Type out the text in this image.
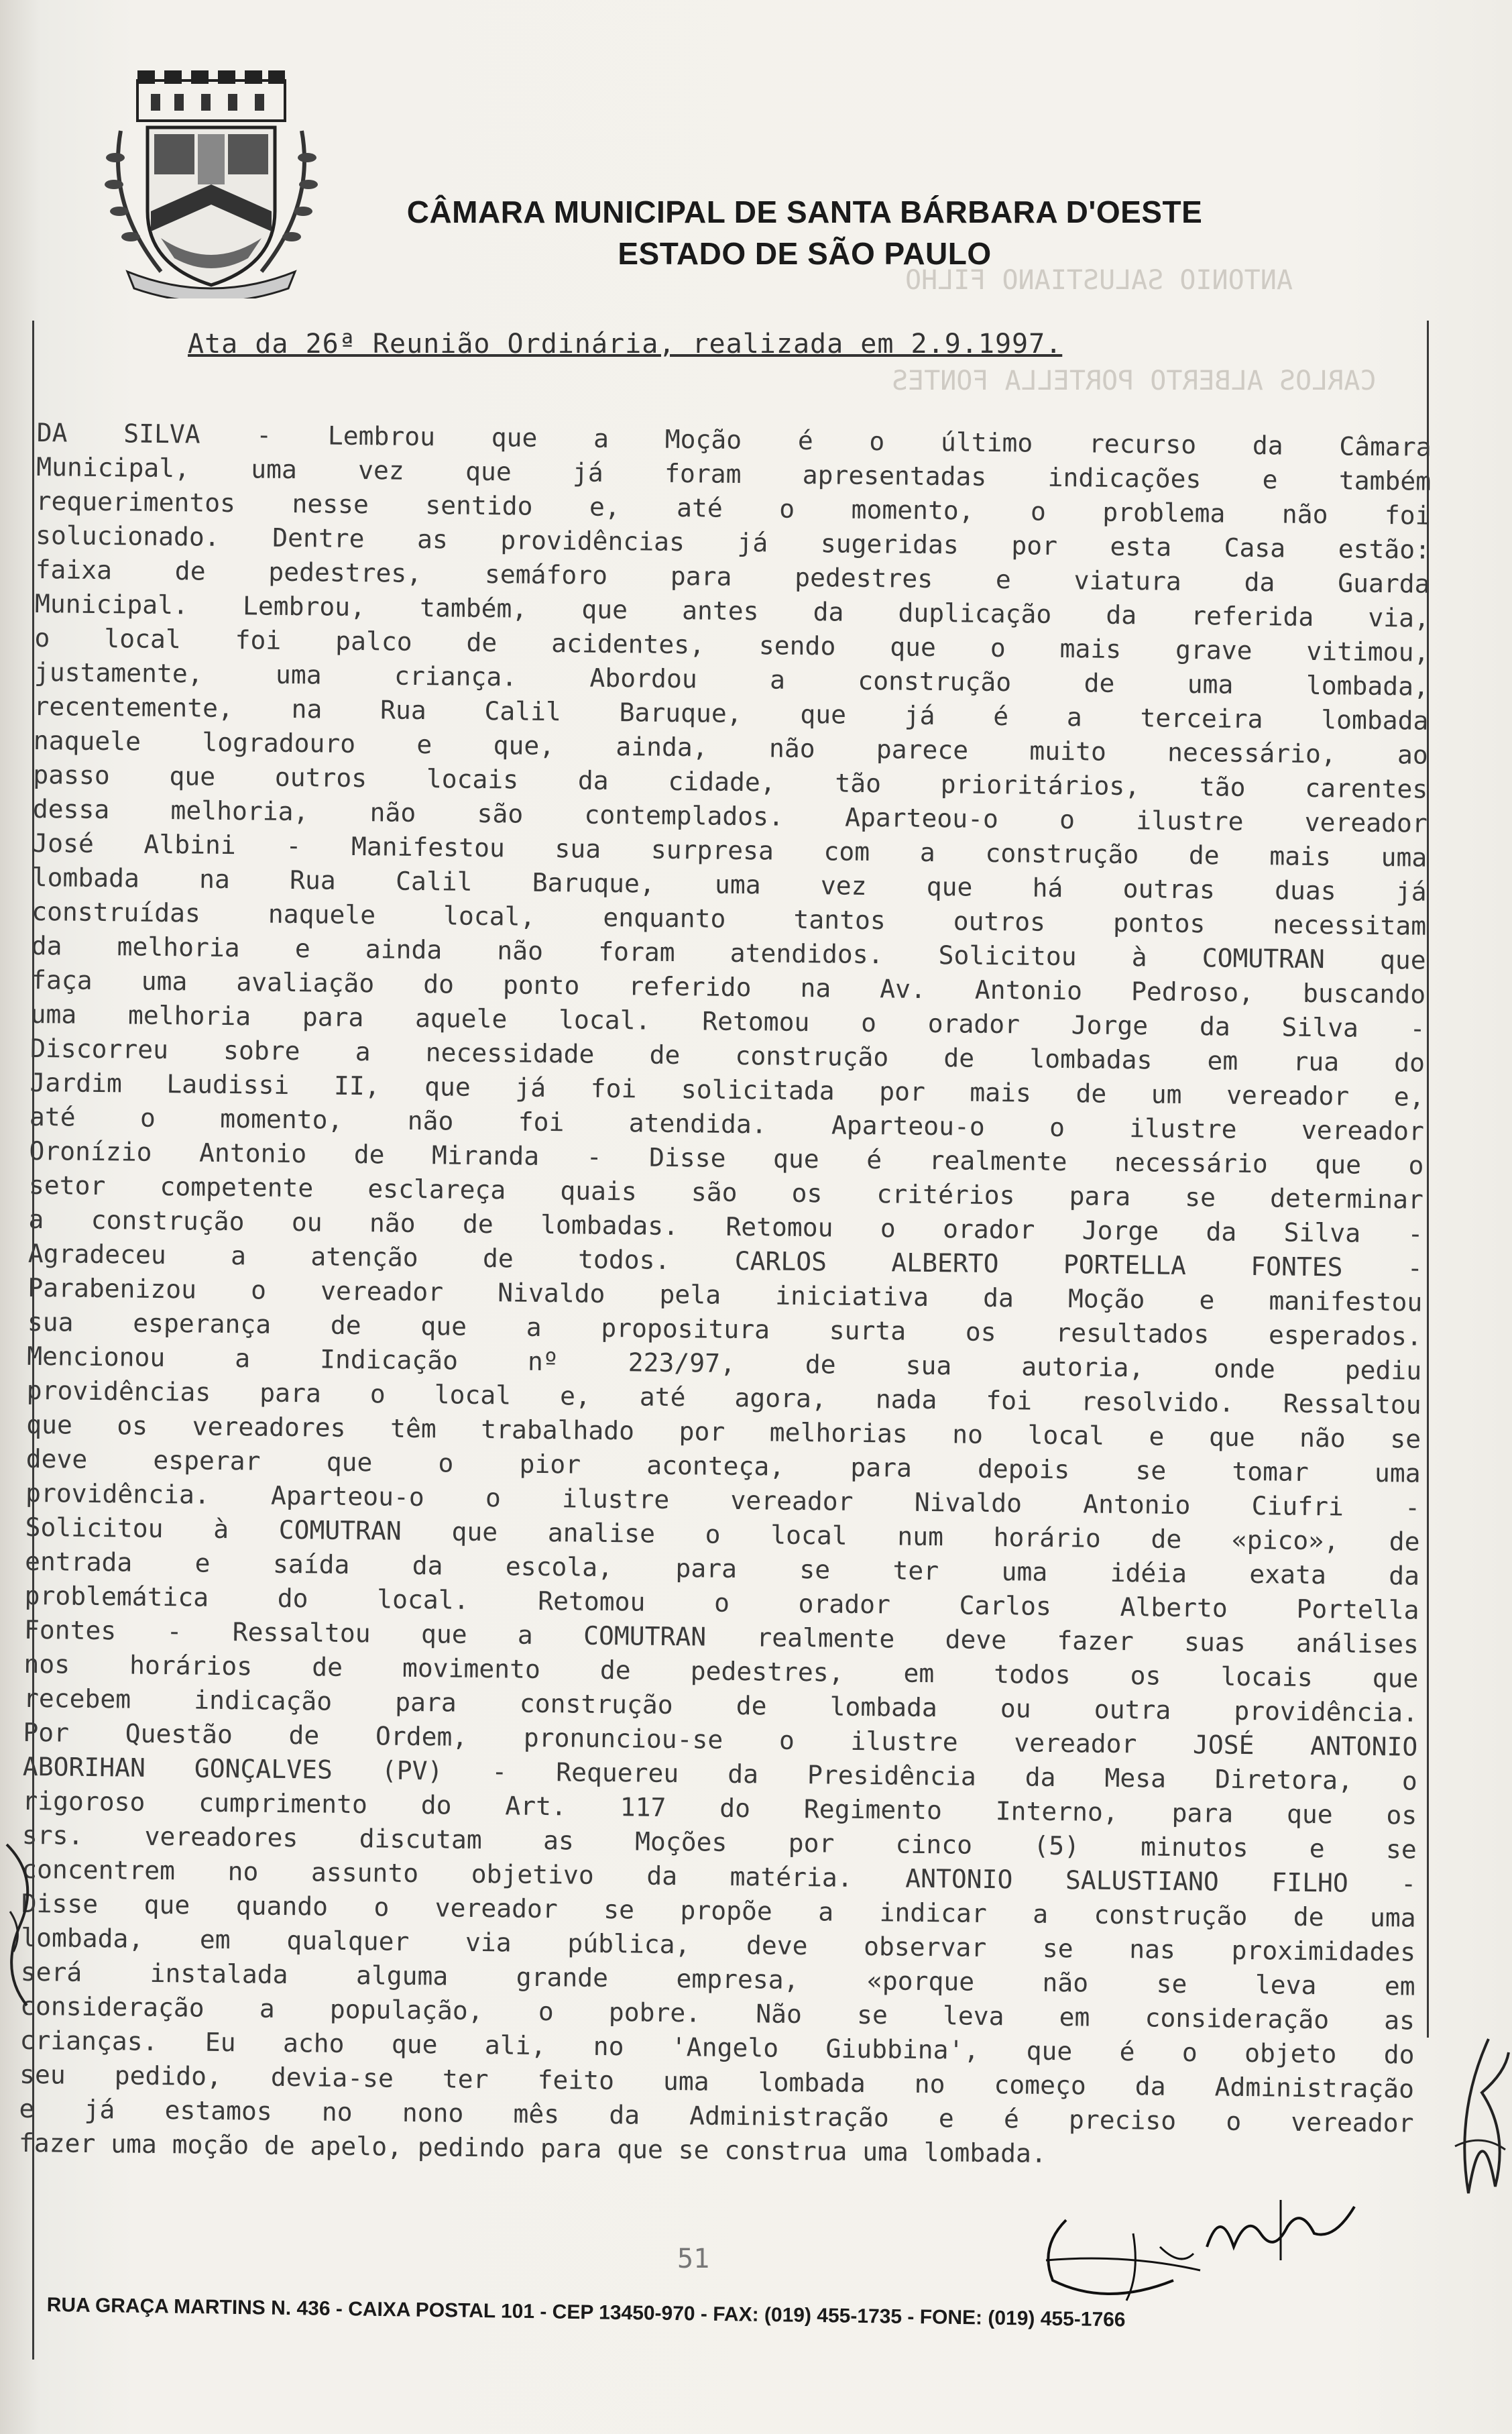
ANTONIO SALUSTIANO FILHO
CARLOS ALBERTO PORTELLA FONTES
CÂMARA MUNICIPAL DE SANTA BÁRBARA D'OESTE
ESTADO DE SÃO PAULO
Ata da 26ª Reunião Ordinária, realizada em 2.9.1997.

DA SILVA - Lembrou que a Moção é o último recurso da Câmara

Municipal, uma vez que já foram apresentadas indicações e também

requerimentos nesse sentido e, até o momento, o problema não foi

solucionado. Dentre as providências já sugeridas por esta Casa estão:

faixa de pedestres, semáforo para pedestres e viatura da Guarda

Municipal. Lembrou, também, que antes da duplicação da referida via,

o local foi palco de acidentes, sendo que o mais grave vitimou,

justamente, uma criança. Abordou a construção de uma lombada,

recentemente, na Rua Calil Baruque, que já é a terceira lombada

naquele logradouro e que, ainda, não parece muito necessário, ao

passo que outros locais da cidade, tão prioritários, tão carentes

dessa melhoria, não são contemplados. Aparteou-o o ilustre vereador

José Albini - Manifestou sua surpresa com a construção de mais uma

lombada na Rua Calil Baruque, uma vez que há outras duas já

construídas naquele local, enquanto tantos outros pontos necessitam

da melhoria e ainda não foram atendidos. Solicitou à COMUTRAN que

faça uma avaliação do ponto referido na Av. Antonio Pedroso, buscando

uma melhoria para aquele local. Retomou o orador Jorge da Silva -

Discorreu sobre a necessidade de construção de lombadas em rua do

Jardim Laudissi II, que já foi solicitada por mais de um vereador e,

até o momento, não foi atendida. Aparteou-o o ilustre vereador

Oronízio Antonio de Miranda - Disse que é realmente necessário que o

setor competente esclareça quais são os critérios para se determinar

a construção ou não de lombadas. Retomou o orador Jorge da Silva -

Agradeceu a atenção de todos. CARLOS ALBERTO PORTELLA FONTES -

Parabenizou o vereador Nivaldo pela iniciativa da Moção e manifestou

sua esperança de que a propositura surta os resultados esperados.

Mencionou a Indicação nº 223/97, de sua autoria, onde pediu

providências para o local e, até agora, nada foi resolvido. Ressaltou

que os vereadores têm trabalhado por melhorias no local e que não se

deve esperar que o pior aconteça, para depois se tomar uma

providência. Aparteou-o o ilustre vereador Nivaldo Antonio Ciufri -

Solicitou à COMUTRAN que analise o local num horário de «pico», de

entrada e saída da escola, para se ter uma idéia exata da

problemática do local. Retomou o orador Carlos Alberto Portella

Fontes - Ressaltou que a COMUTRAN realmente deve fazer suas análises

nos horários de movimento de pedestres, em todos os locais que

recebem indicação para construção de lombada ou outra providência.

Por Questão de Ordem, pronunciou-se o ilustre vereador JOSÉ ANTONIO

ABORIHAN GONÇALVES (PV) - Requereu da Presidência da Mesa Diretora, o

rigoroso cumprimento do Art. 117 do Regimento Interno, para que os

srs. vereadores discutam as Moções por cinco (5) minutos e se

concentrem no assunto objetivo da matéria. ANTONIO SALUSTIANO FILHO -

Disse que quando o vereador se propõe a indicar a construção de uma

lombada, em qualquer via pública, deve observar se nas proximidades

será instalada alguma grande empresa, «porque não se leva em

consideração a população, o pobre. Não se leva em consideração as

crianças. Eu acho que ali, no 'Angelo Giubbina', que é o objeto do

seu pedido, devia-se ter feito uma lombada no começo da Administração

e já estamos no nono mês da Administração e é preciso o vereador

fazer uma moção de apelo, pedindo para que se construa uma lombada.

51
RUA GRAÇA MARTINS N. 436 - CAIXA POSTAL 101 - CEP 13450-970 - FAX: (019) 455-1735 - FONE: (019) 455-1766
